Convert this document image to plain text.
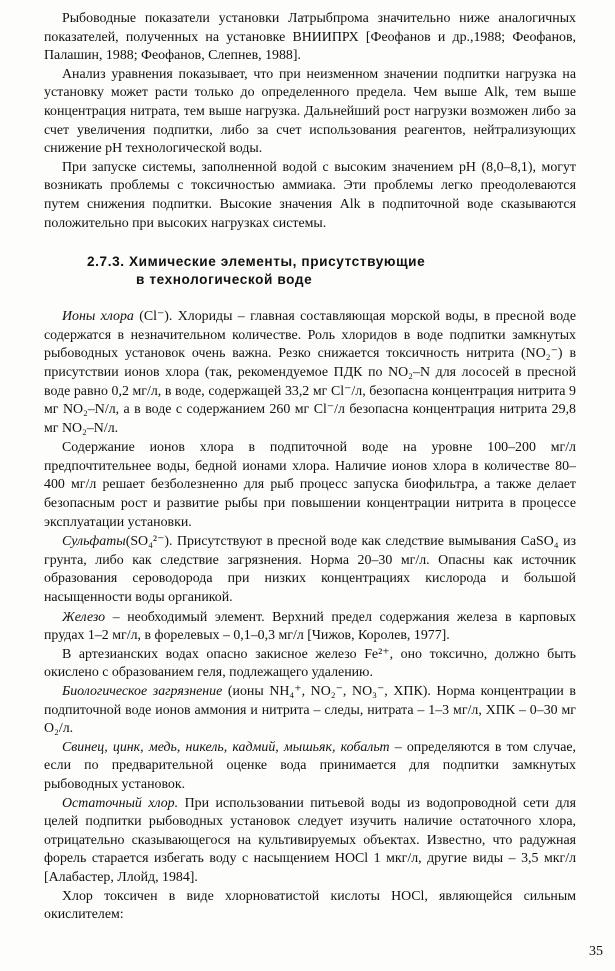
Рыбоводные показатели установки Латрыбпрома значительно ниже аналогичных показателей, полученных на установке ВНИИПРХ [Феофанов и др.,1988; Феофанов, Палашин, 1988; Феофанов, Слепнев, 1988].

Анализ уравнения показывает, что при неизменном значении подпитки нагрузка на установку может расти только до определенного предела. Чем выше Alk, тем выше концентрация нитрата, тем выше нагрузка. Дальнейший рост нагрузки возможен либо за счет увеличения подпитки, либо за счет использования реагентов, нейтрализующих снижение pH технологической воды.

При запуске системы, заполненной водой с высоким значением pH (8,0–8,1), могут возникать проблемы с токсичностью аммиака. Эти проблемы легко преодолеваются путем снижения подпитки. Высокие значения Alk в подпиточной воде сказываются положительно при высоких нагрузках системы.

2.7.3. Химические элементы, присутствующие
в технологической воде

Ионы хлора (Cl⁻). Хлориды – главная составляющая морской воды, в пресной воде содержатся в незначительном количестве. Роль хлоридов в воде подпитки замкнутых рыбоводных установок очень важна. Резко снижается токсичность нитрита (NO₂⁻) в присутствии ионов хлора (так, рекомендуемое ПДК по NO₂–N для лососей в пресной воде равно 0,2 мг/л, в воде, содержащей 33,2 мг Cl⁻/л, безопасна концентрация нитрита 9 мг NO₂–N/л, а в воде с содержанием 260 мг Cl⁻/л безопасна концентрация нитрита 29,8 мг NO₂–N/л.

Содержание ионов хлора в подпиточной воде на уровне 100–200 мг/л предпочтительнее воды, бедной ионами хлора. Наличие ионов хлора в количестве 80–400 мг/л решает безболезненно для рыб процесс запуска биофильтра, а также делает безопасным рост и развитие рыбы при повышении концентрации нитрита в процессе эксплуатации установки.

Сульфаты(SO₄²⁻). Присутствуют в пресной воде как следствие вымывания CaSO₄ из грунта, либо как следствие загрязнения. Норма 20–30 мг/л. Опасны как источник образования сероводорода при низких концентрациях кислорода и большой насыщенности воды органикой.

Железо – необходимый элемент. Верхний предел содержания железа в карповых прудах 1–2 мг/л, в форелевых – 0,1–0,3 мг/л [Чижов, Королев, 1977].

В артезианских водах опасно закисное железо Fe²⁺, оно токсично, должно быть окислено с образованием геля, подлежащего удалению.

Биологическое загрязнение (ионы NH₄⁺, NO₂⁻, NO₃⁻, ХПК). Норма концентрации в подпиточной воде ионов аммония и нитрита – следы, нитрата – 1–3 мг/л, ХПК – 0–30 мг O₂/л.

Свинец, цинк, медь, никель, кадмий, мышьяк, кобальт – определяются в том случае, если по предварительной оценке вода принимается для подпитки замкнутых рыбоводных установок.

Остаточный хлор. При использовании питьевой воды из водопроводной сети для целей подпитки рыбоводных установок следует изучить наличие остаточного хлора, отрицательно сказывающегося на культивируемых объектах. Известно, что радужная форель старается избегать воду с насыщением HOCl 1 мкг/л, другие виды – 3,5 мкг/л [Алабастер, Ллойд, 1984].

Хлор токсичен в виде хлорноватистой кислоты HOCl, являющейся сильным окислителем:

35
